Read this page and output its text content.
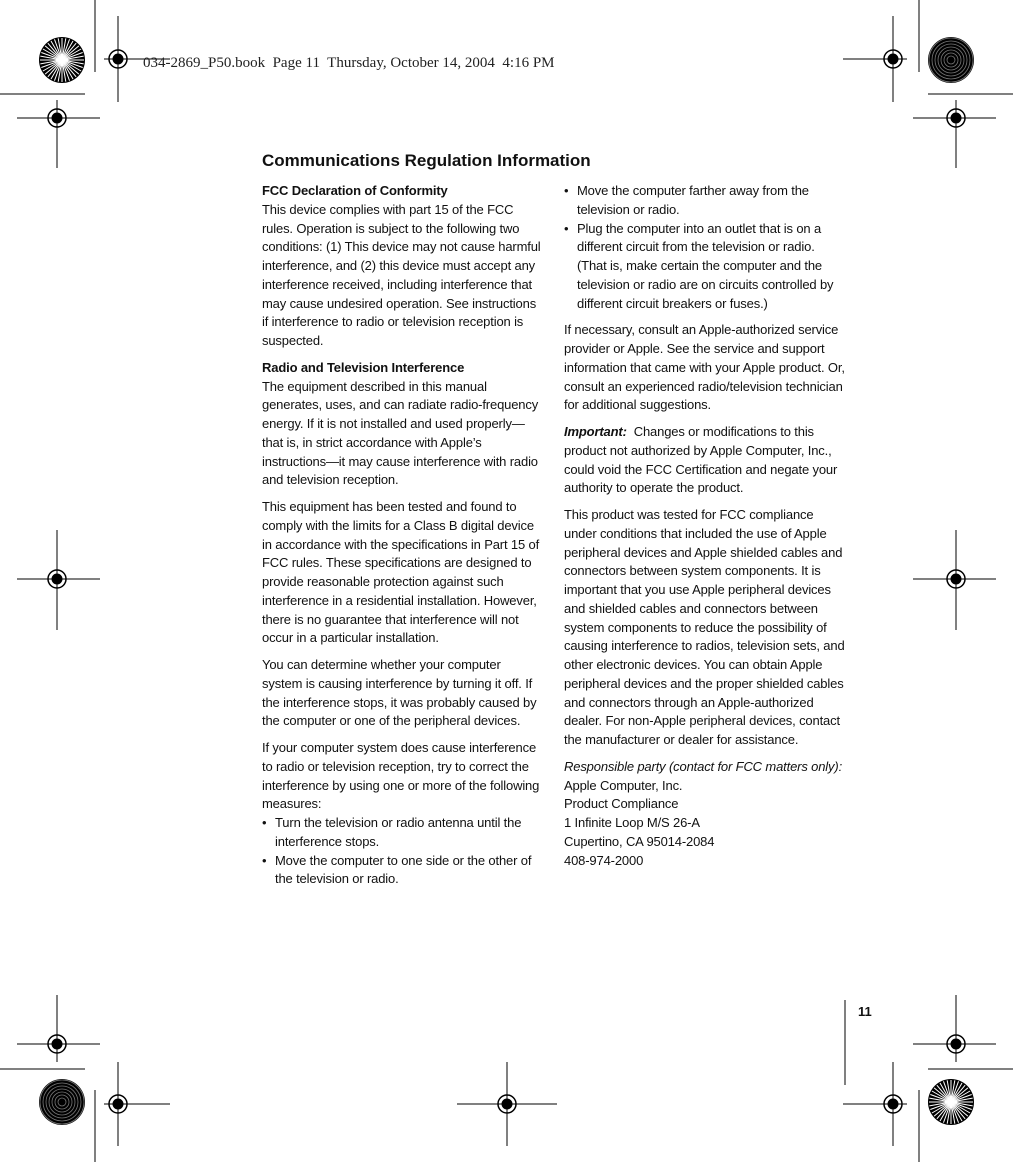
034-2869_P50.book  Page 11  Thursday, October 14, 2004  4:16 PM
Communications Regulation Information
FCC Declaration of Conformity

This device complies with part 15 of the FCC rules. Operation is subject to the following two conditions: (1) This device may not cause harmful interference, and (2) this device must accept any interference received, including interference that may cause undesired operation. See instructions if interference to radio or television reception is suspected.

Radio and Television Interference

The equipment described in this manual generates, uses, and can radiate radio-frequency energy. If it is not installed and used properly—that is, in strict accordance with Apple’s instructions—it may cause interference with radio and television reception.

This equipment has been tested and found to comply with the limits for a Class B digital device in accordance with the specifications in Part 15 of FCC rules. These specifications are designed to provide reasonable protection against such interference in a residential installation. However, there is no guarantee that interference will not occur in a particular installation.

You can determine whether your computer system is causing interference by turning it off. If the interference stops, it was probably caused by the computer or one of the peripheral devices.

If your computer system does cause interference to radio or television reception, try to correct the interference by using one or more of the following measures:

• Turn the television or radio antenna until the interference stops.
• Move the computer to one side or the other of the television or radio.
• Move the computer farther away from the television or radio.
• Plug the computer into an outlet that is on a different circuit from the television or radio. (That is, make certain the computer and the television or radio are on circuits controlled by different circuit breakers or fuses.)

If necessary, consult an Apple-authorized service provider or Apple. See the service and support information that came with your Apple product. Or, consult an experienced radio/television technician for additional suggestions.

Important: Changes or modifications to this product not authorized by Apple Computer, Inc., could void the FCC Certification and negate your authority to operate the product.

This product was tested for FCC compliance under conditions that included the use of Apple peripheral devices and Apple shielded cables and connectors between system components. It is important that you use Apple peripheral devices and shielded cables and connectors between system components to reduce the possibility of causing interference to radios, television sets, and other electronic devices. You can obtain Apple peripheral devices and the proper shielded cables and connectors through an Apple-authorized dealer. For non-Apple peripheral devices, contact the manufacturer or dealer for assistance.

Responsible party (contact for FCC matters only):
Apple Computer, Inc.
Product Compliance
1 Infinite Loop M/S 26-A
Cupertino, CA 95014-2084
408-974-2000
11
